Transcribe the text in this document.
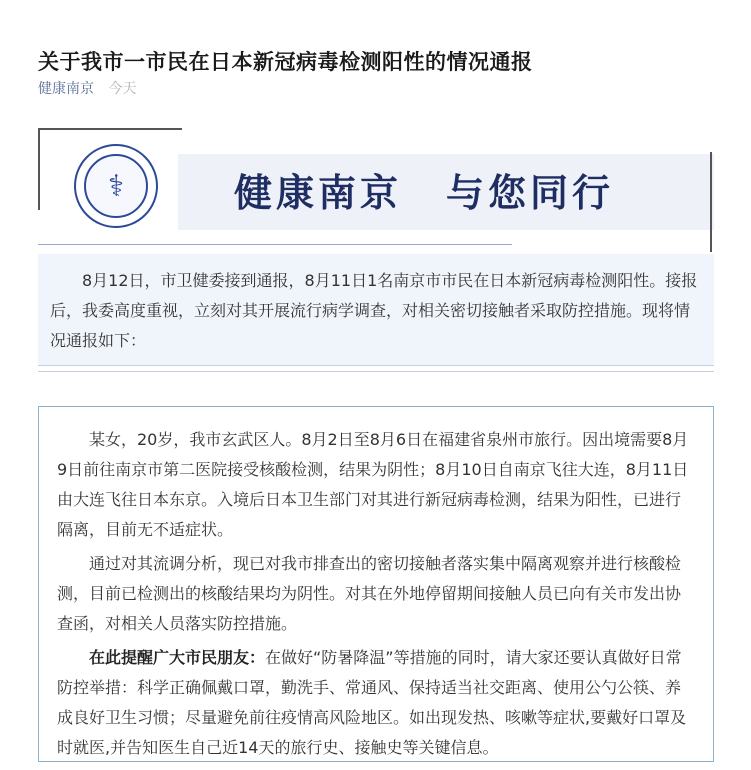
关于我市一市民在日本新冠病毒检测阳性的情况通报
健康南京 今天
⚕	健康南京 与您同行

8月12日，市卫健委接到通报，8月11日1名南京市市民在日本新冠病毒检测阳性。接报后，我委高度重视，立刻对其开展流行病学调查，对相关密切接触者采取防控措施。现将情况通报如下：

某女，20岁，我市玄武区人。8月2日至8月6日在福建省泉州市旅行。因出境需要8月9日前往南京市第二医院接受核酸检测，结果为阴性；8月10日自南京飞往大连，8月11日由大连飞往日本东京。入境后日本卫生部门对其进行新冠病毒检测，结果为阳性，已进行隔离，目前无不适症状。

通过对其流调分析，现已对我市排查出的密切接触者落实集中隔离观察并进行核酸检测，目前已检测出的核酸结果均为阴性。对其在外地停留期间接触人员已向有关市发出协查函，对相关人员落实防控措施。

在此提醒广大市民朋友：在做好“防暑降温”等措施的同时，请大家还要认真做好日常防控举措：科学正确佩戴口罩，勤洗手、常通风、保持适当社交距离、使用公勺公筷、养成良好卫生习惯；尽量避免前往疫情高风险地区。如出现发热、咳嗽等症状,要戴好口罩及时就医,并告知医生自己近14天的旅行史、接触史等关键信息。
